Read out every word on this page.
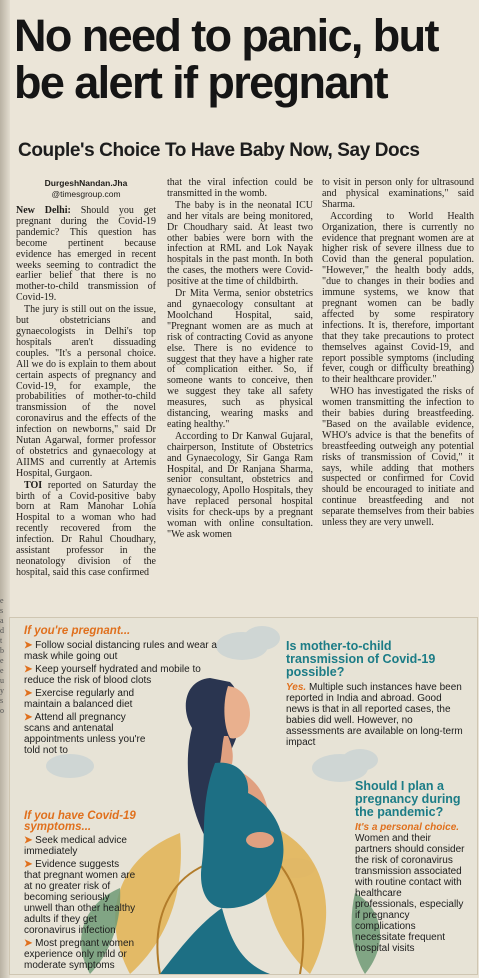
No need to panic, but
be alert if pregnant
Couple's Choice To Have Baby Now, Say Docs
DurgeshNandan.Jha
@timesgroup.com

New Delhi: Should you get pregnant during the Covid-19 pandemic? This question has become pertinent because evidence has emerged in recent weeks seeming to contradict the earlier belief that there is no mother-to-child transmission of Covid-19.

The jury is still out on the issue, but obstetricians and gynaecologists in Delhi's top hospitals aren't dissuading couples. "It's a personal choice. All we do is explain to them about certain aspects of pregnancy and Covid-19, for example, the probabilities of mother-to-child transmission of the novel coronavirus and the effects of the infection on newborns," said Dr Nutan Agarwal, former professor of obstetrics and gynaecology at AIIMS and currently at Artemis Hospital, Gurgaon.

TOI reported on Saturday the birth of a Covid-positive baby born at Ram Manohar Lohia Hospital to a woman who had recently recovered from the infection. Dr Rahul Choudhary, assistant professor in the neonatology division of the hospital, said this case confirmed

that the viral infection could be transmitted in the womb.

The baby is in the neonatal ICU and her vitals are being monitored, Dr Choudhary said. At least two other babies were born with the infection at RML and Lok Nayak hospitals in the past month. In both the cases, the mothers were Covid-positive at the time of childbirth.

Dr Mita Verma, senior obstetrics and gynaecology consultant at Moolchand Hospital, said, "Pregnant women are as much at risk of contracting Covid as anyone else. There is no evidence to suggest that they have a higher rate of complication either. So, if someone wants to conceive, then we suggest they take all safety measures, such as physical distancing, wearing masks and eating healthy."

According to Dr Kanwal Gujaral, chairperson, Institute of Obstetrics and Gynaecology, Sir Ganga Ram Hospital, and Dr Ranjana Sharma, senior consultant, obstetrics and gynaecology, Apollo Hospitals, they have replaced personal hospital visits for check-ups by a pregnant woman with online consultation. "We ask women

to visit in person only for ultrasound and physical examinations," said Sharma.

According to World Health Organization, there is currently no evidence that pregnant women are at higher risk of severe illness due to Covid than the general population. "However," the health body adds, "due to changes in their bodies and immune systems, we know that pregnant women can be badly affected by some respiratory infections. It is, therefore, important that they take precautions to protect themselves against Covid-19, and report possible symptoms (including fever, cough or difficulty breathing) to their healthcare provider."

WHO has investigated the risks of women transmitting the infection to their babies during breastfeeding. "Based on the available evidence, WHO's advice is that the benefits of breastfeeding outweigh any potential risks of transmission of Covid," it says, while adding that mothers suspected or confirmed for Covid should be encouraged to initiate and continue breastfeeding and not separate themselves from their babies unless they are very unwell.

e
s
a
d
t
b
e
e
u
y
s
o
If you're pregnant...
➤ Follow social distancing rules and wear a mask while going out
➤ Keep yourself hydrated and mobile to reduce the risk of blood clots
➤ Exercise regularly and maintain a balanced diet
➤ Attend all pregnancy scans and antenatal appointments unless you're told not to
If you have Covid-19
symptoms...
➤ Seek medical advice immediately
➤ Evidence suggests that pregnant women are at no greater risk of becoming seriously unwell than other healthy adults if they get coronavirus infection
➤ Most pregnant women experience only mild or moderate symptoms
Is mother-to-child transmission of Covid-19 possible?
Yes. Multiple such instances have been reported in India and abroad. Good news is that in all reported cases, the babies did well. However, no assessments are available on long-term impact
Should I plan a pregnancy during the pandemic?
It's a personal choice. Women and their partners should consider the risk of coronavirus transmission associated with routine contact with healthcare professionals, especially if pregnancy complications necessitate frequent hospital visits
